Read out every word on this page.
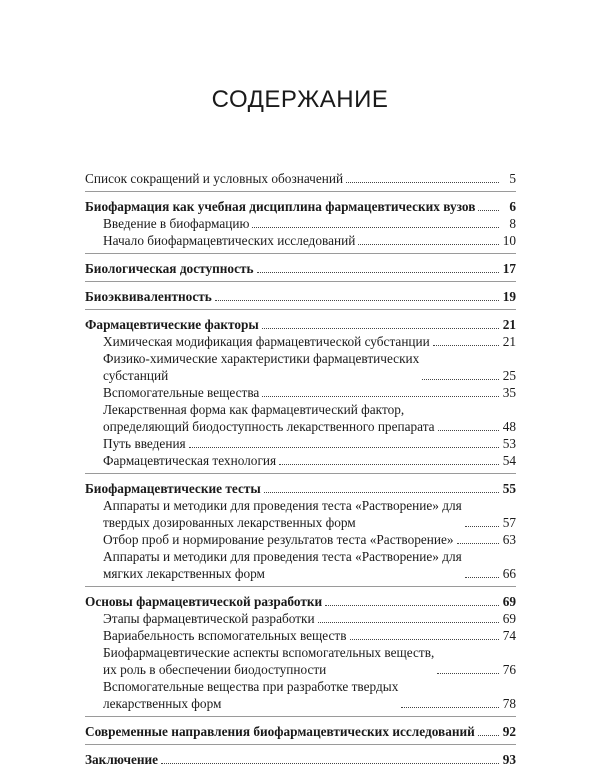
СОДЕРЖАНИЕ
Список сокращений и условных обозначений	5
Биофармация как учебная дисциплина фармацевтических вузов	6
Введение в биофармацию	8
Начало биофармацевтических исследований	10
Биологическая доступность	17
Биоэквивалентность	19
Фармацевтические факторы	21
Химическая модификация фармацевтической субстанции	21
Физико-химические характеристики фармацевтических
субстанций	25
Вспомогательные вещества	35
Лекарственная форма как фармацевтический фактор,
определяющий биодоступность лекарственного препарата	48
Путь введения	53
Фармацевтическая технология	54
Биофармацевтические тесты	55
Аппараты и методики для проведения теста «Растворение» для
твердых дозированных лекарственных форм	57
Отбор проб и нормирование результатов теста «Растворение»	63
Аппараты и методики для проведения теста «Растворение» для
мягких лекарственных форм	66
Основы фармацевтической разработки	69
Этапы фармацевтической разработки	69
Вариабельность вспомогательных веществ	74
Биофармацевтические аспекты вспомогательных веществ,
их роль в обеспечении биодоступности	76
Вспомогательные вещества при разработке твердых
лекарственных форм	78
Современные направления биофармацевтических исследований 92
Заключение	93
